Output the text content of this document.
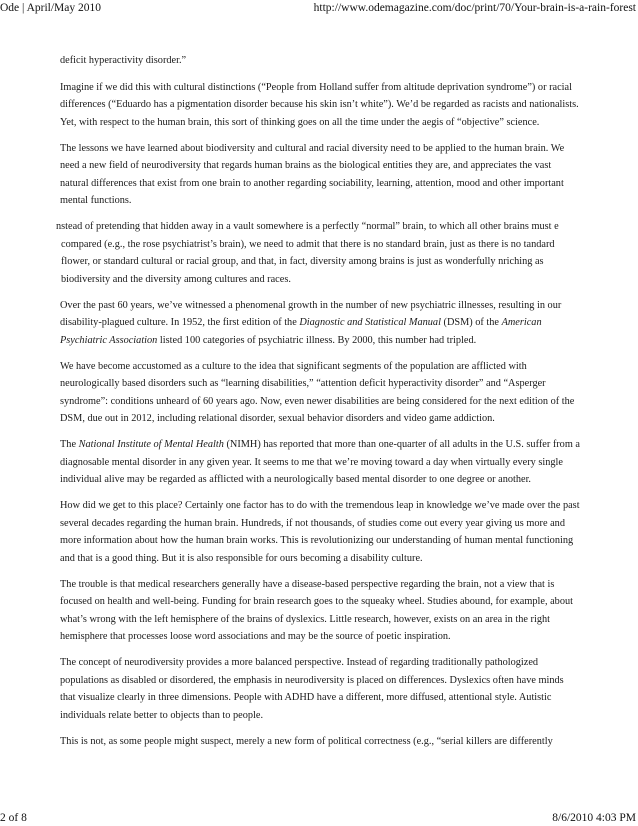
Ode | April/May 2010	http://www.odemagazine.com/doc/print/70/Your-brain-is-a-rain-forest

deficit hyperactivity disorder.”

Imagine if we did this with cultural distinctions (“People from Holland suffer from altitude deprivation syndrome”) or racial differences (“Eduardo has a pigmentation disorder because his skin isn’t white”). We’d be regarded as racists and nationalists. Yet, with respect to the human brain, this sort of thinking goes on all the time under the aegis of “objective” science.

The lessons we have learned about biodiversity and cultural and racial diversity need to be applied to the human brain. We need a new field of neurodiversity that regards human brains as the biological entities they are, and appreciates the vast natural differences that exist from one brain to another regarding sociability, learning, attention, mood and other important mental functions.

nstead of pretending that hidden away in a vault somewhere is a perfectly “normal” brain, to which all other brains must e compared (e.g., the rose psychiatrist’s brain), we need to admit that there is no standard brain, just as there is no tandard flower, or standard cultural or racial group, and that, in fact, diversity among brains is just as wonderfully nriching as biodiversity and the diversity among cultures and races.

Over the past 60 years, we’ve witnessed a phenomenal growth in the number of new psychiatric illnesses, resulting in our disability-plagued culture. In 1952, the first edition of the Diagnostic and Statistical Manual (DSM) of the American Psychiatric Association listed 100 categories of psychiatric illness. By 2000, this number had tripled.

We have become accustomed as a culture to the idea that significant segments of the population are afflicted with neurologically based disorders such as “learning disabilities,” “attention deficit hyperactivity disorder” and “Asperger syndrome”: conditions unheard of 60 years ago. Now, even newer disabilities are being considered for the next edition of the DSM, due out in 2012, including relational disorder, sexual behavior disorders and video game addiction.

The National Institute of Mental Health (NIMH) has reported that more than one-quarter of all adults in the U.S. suffer from a diagnosable mental disorder in any given year. It seems to me that we’re moving toward a day when virtually every single individual alive may be regarded as afflicted with a neurologically based mental disorder to one degree or another.

How did we get to this place? Certainly one factor has to do with the tremendous leap in knowledge we’ve made over the past several decades regarding the human brain. Hundreds, if not thousands, of studies come out every year giving us more and more information about how the human brain works. This is revolutionizing our understanding of human mental functioning and that is a good thing. But it is also responsible for ours becoming a disability culture.

The trouble is that medical researchers generally have a disease-based perspective regarding the brain, not a view that is focused on health and well-being. Funding for brain research goes to the squeaky wheel. Studies abound, for example, about what’s wrong with the left hemisphere of the brains of dyslexics. Little research, however, exists on an area in the right hemisphere that processes loose word associations and may be the source of poetic inspiration.

The concept of neurodiversity provides a more balanced perspective. Instead of regarding traditionally pathologized populations as disabled or disordered, the emphasis in neurodiversity is placed on differences. Dyslexics often have minds that visualize clearly in three dimensions. People with ADHD have a different, more diffused, attentional style. Autistic individuals relate better to objects than to people.

This is not, as some people might suspect, merely a new form of political correctness (e.g., “serial killers are differently

2 of 8	8/6/2010 4:03 PM
